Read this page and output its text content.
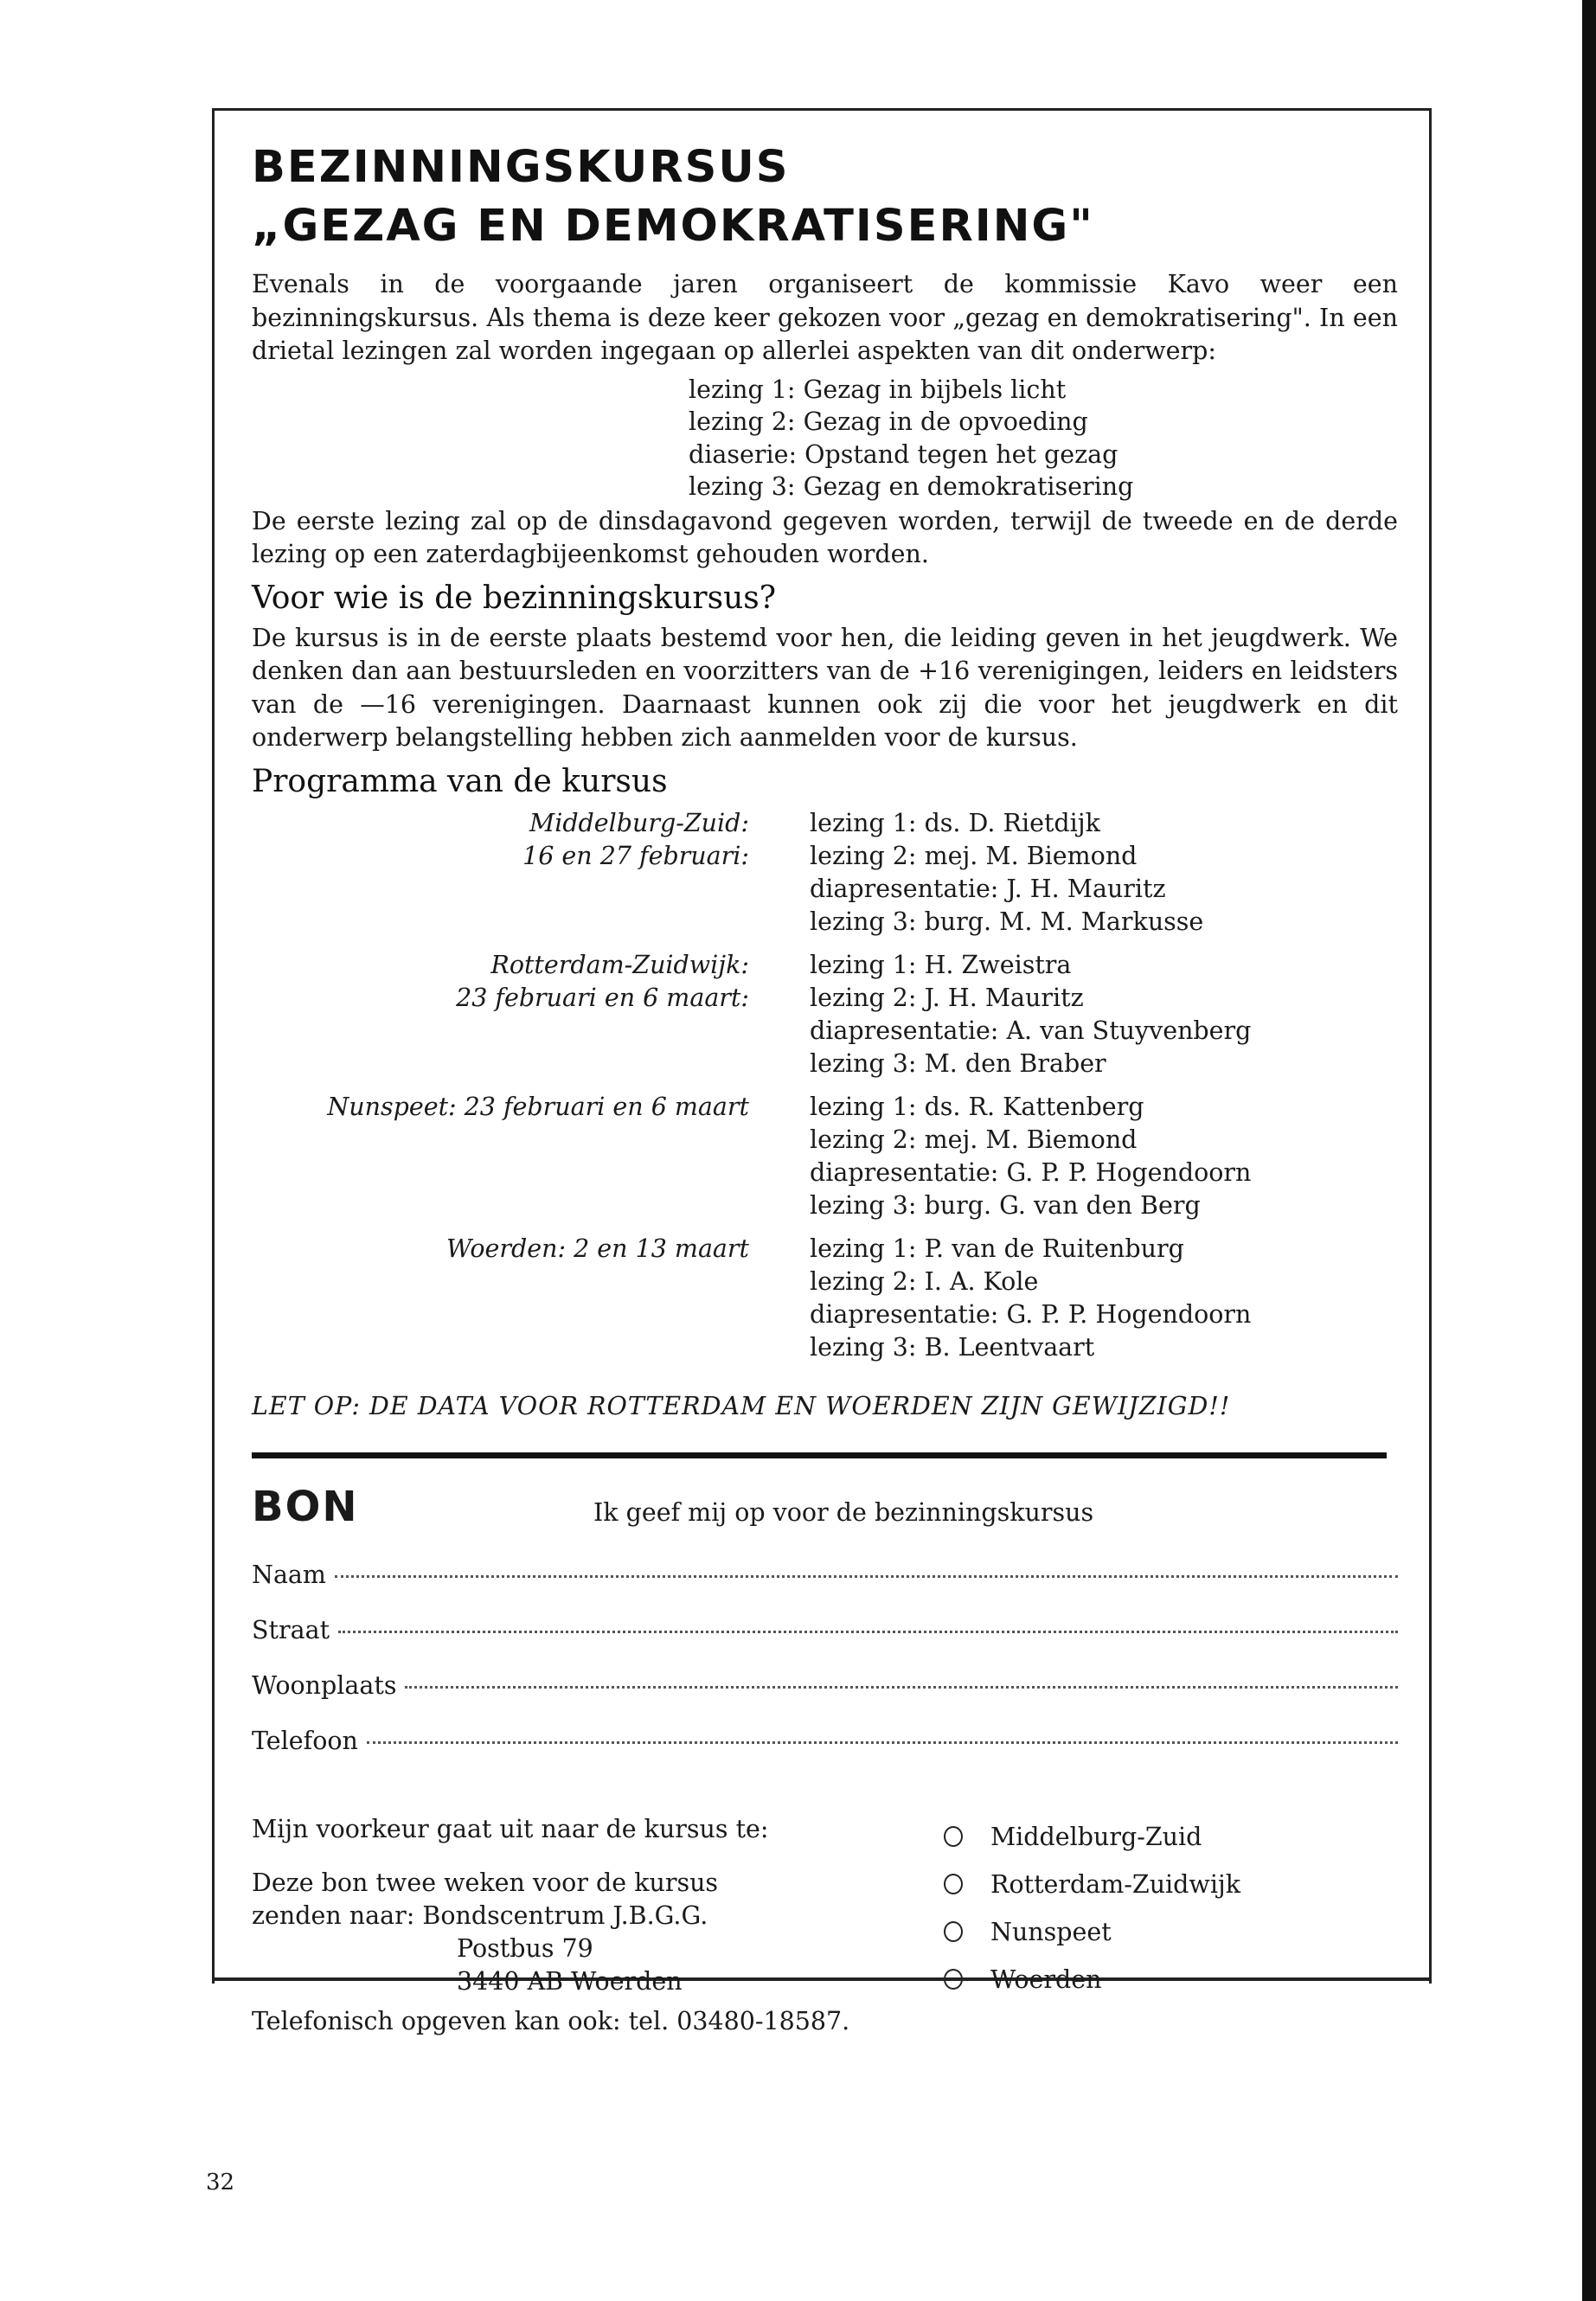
BEZINNINGSKURSUS
„GEZAG EN DEMOKRATISERING"

Evenals in de voorgaande jaren organiseert de kommissie Kavo weer een bezinningskursus. Als thema is deze keer gekozen voor „gezag en demokratisering". In een drietal lezingen zal worden ingegaan op allerlei aspekten van dit onderwerp:

lezing 1: Gezag in bijbels licht
lezing 2: Gezag in de opvoeding
diaserie: Opstand tegen het gezag
lezing 3: Gezag en demokratisering

De eerste lezing zal op de dinsdagavond gegeven worden, terwijl de tweede en de derde lezing op een zaterdagbijeenkomst gehouden worden.

Voor wie is de bezinningskursus?

De kursus is in de eerste plaats bestemd voor hen, die leiding geven in het jeugdwerk. We denken dan aan bestuursleden en voorzitters van de +16 verenigingen, leiders en leidsters van de —16 verenigingen. Daarnaast kunnen ook zij die voor het jeugdwerk en dit onderwerp belangstelling hebben zich aanmelden voor de kursus.

Programma van de kursus
Middelburg-Zuid:
16 en 27 februari:
lezing 1: ds. D. Rietdijk
lezing 2: mej. M. Biemond
diapresentatie: J. H. Mauritz
lezing 3: burg. M. M. Markusse
Rotterdam-Zuidwijk:
23 februari en 6 maart:
lezing 1: H. Zweistra
lezing 2: J. H. Mauritz
diapresentatie: A. van Stuyvenberg
lezing 3: M. den Braber
Nunspeet: 23 februari en 6 maart lezing 1: ds. R. Kattenberg
lezing 2: mej. M. Biemond
diapresentatie: G. P. P. Hogendoorn
lezing 3: burg. G. van den Berg
Woerden: 2 en 13 maart lezing 1: P. van de Ruitenburg
lezing 2: I. A. Kole
diapresentatie: G. P. P. Hogendoorn
lezing 3: B. Leentvaart
LET OP: DE DATA VOOR ROTTERDAM EN WOERDEN ZIJN GEWIJZIGD!!
BON	Ik geef mij op voor de bezinningskursus
Naam
Straat
Woonplaats
Telefoon
Mijn voorkeur gaat uit naar de kursus te:
Deze bon twee weken voor de kursus
zenden naar: Bondscentrum J.B.G.G.
Postbus 79
3440 AB Woerden
Telefonisch opgeven kan ook: tel. 03480-18587.
Middelburg-Zuid
Rotterdam-Zuidwijk
Nunspeet
Woerden
32
